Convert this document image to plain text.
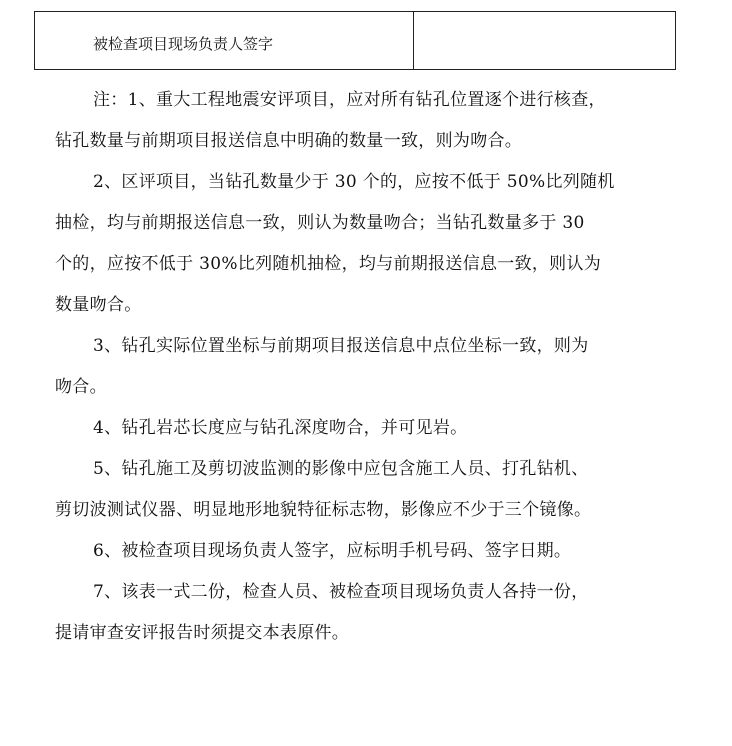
被检查项目现场负责人签字	
注：1、重大工程地震安评项目，应对所有钻孔位置逐个进行核查，
钻孔数量与前期项目报送信息中明确的数量一致，则为吻合。
2、区评项目，当钻孔数量少于 30 个的，应按不低于 50%比列随机
抽检，均与前期报送信息一致，则认为数量吻合；当钻孔数量多于 30
个的，应按不低于 30%比列随机抽检，均与前期报送信息一致，则认为
数量吻合。
3、钻孔实际位置坐标与前期项目报送信息中点位坐标一致，则为
吻合。
4、钻孔岩芯长度应与钻孔深度吻合，并可见岩。
5、钻孔施工及剪切波监测的影像中应包含施工人员、打孔钻机、
剪切波测试仪器、明显地形地貌特征标志物，影像应不少于三个镜像。
6、被检查项目现场负责人签字，应标明手机号码、签字日期。
7、该表一式二份，检查人员、被检查项目现场负责人各持一份，
提请审查安评报告时须提交本表原件。
